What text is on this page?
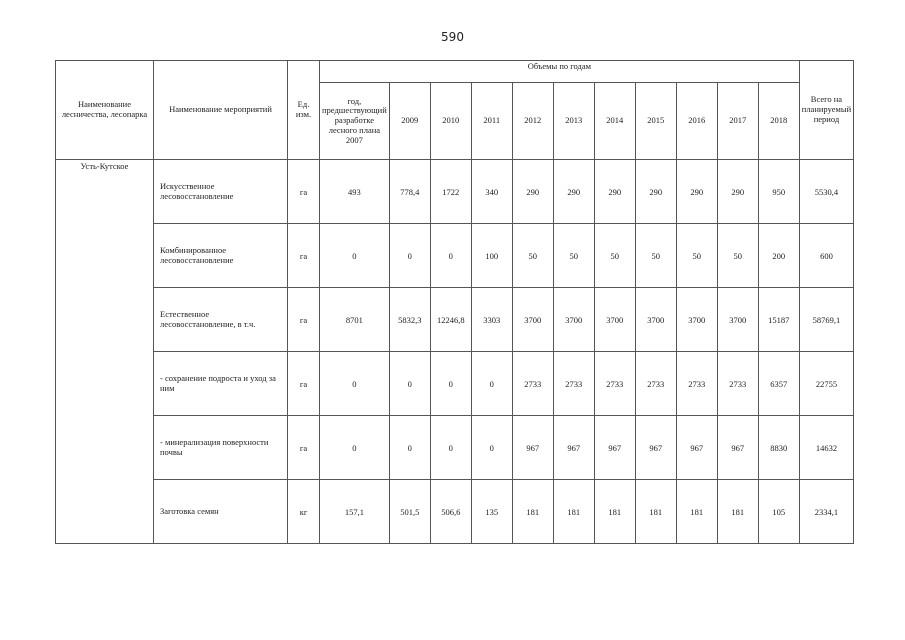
590
Наименование лесничества, лесопарка	Наименование мероприятий	Ед. изм.	Объемы по годам											Всего на планируемый период
			год, предшествующий разработке лесного плана 2007	2009	2010	2011	2012	2013	2014	2015	2016	2017	2018	
Усть-Кутское	Искусственное лесовосстановление	га	493	778,4	1722	340	290	290	290	290	290	290	950	5530,4
	Комбинированное лесовосстановление	га	0	0	0	100	50	50	50	50	50	50	200	600
	Естественное лесовосстановление, в т.ч.	га	8701	5832,3	12246,8	3303	3700	3700	3700	3700	3700	3700	15187	58769,1
	- сохранение подроста и уход за ним	га	0	0	0	0	2733	2733	2733	2733	2733	2733	6357	22755
	- минерализация поверхности почвы	га	0	0	0	0	967	967	967	967	967	967	8830	14632
	Заготовка семян	кг	157,1	501,5	506,6	135	181	181	181	181	181	181	105	2334,1
